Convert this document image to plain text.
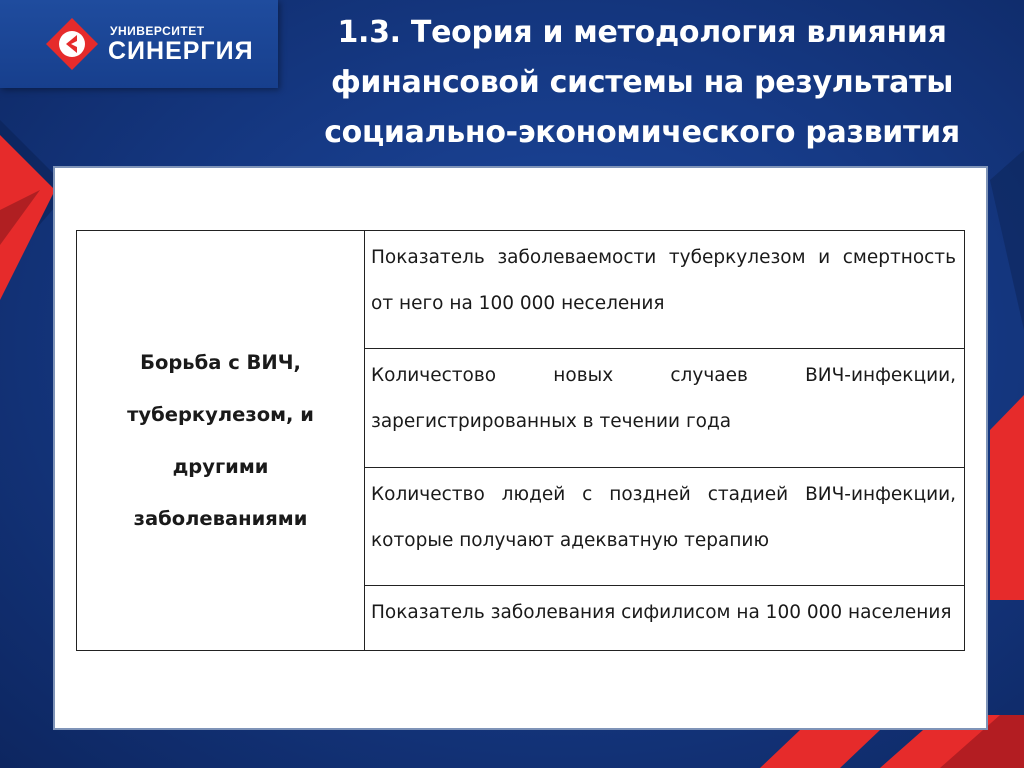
УНИВЕРСИТЕТ
СИНЕРГИЯ
1.3. Теория и методология влияния
финансовой системы на результаты
социально-экономического развития
Борьба с ВИЧ, туберкулезом, и другими заболеваниями	
Показатель заболеваемости туберкулезом и смертность от него на 100 000 неселения

Количестово новых случаев ВИЧ-инфекции, зарегистрированных в течении года

Количество людей с поздней стадией ВИЧ-инфекции, которые получают адекватную терапию

Показатель заболевания сифилисом на 100 000 населения
